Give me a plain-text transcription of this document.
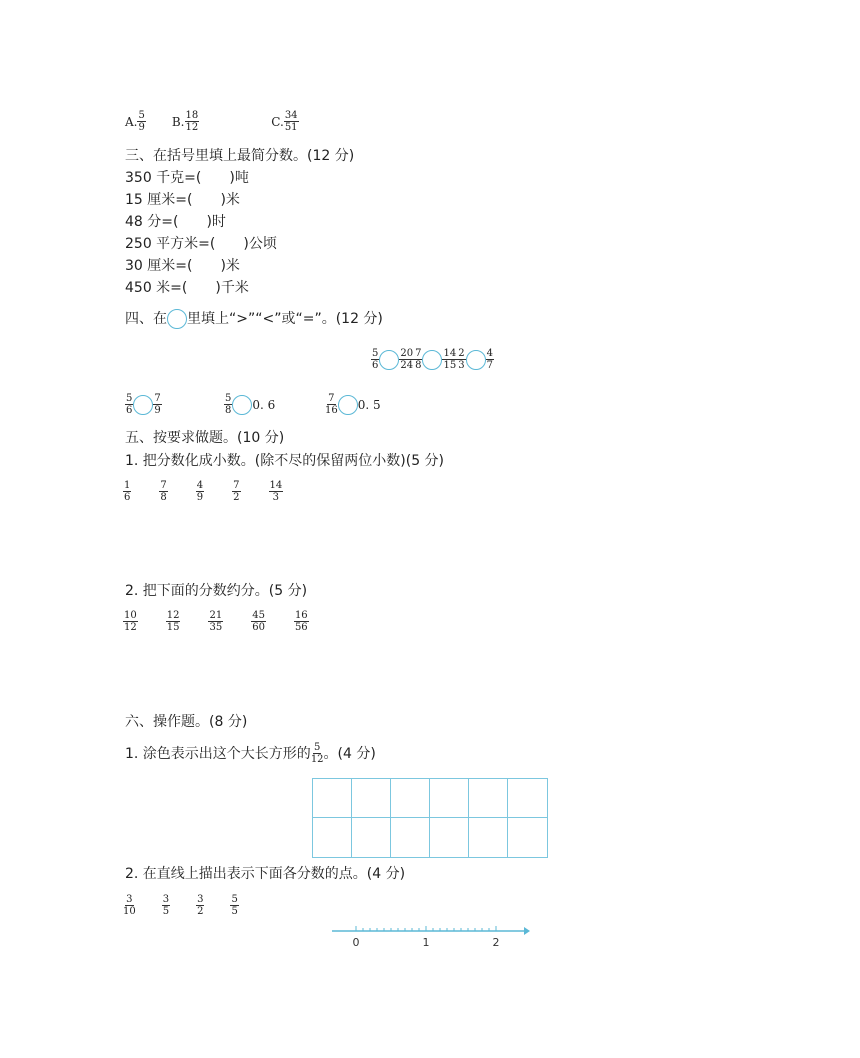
A. $\frac{5}{9} B$. $\frac{18}{12}$	C. $\frac{34}{51}$
三、在括号里填上最简分数。(12 分)
350 千克=(　　)吨
15 厘米=(　　)米
48 分=(　　)时
250 平方米=(　　)公顷
30 厘米=(　　)米
450 米=(　　)千米
四、在 里填上“>”“<”或“=”。(12 分)
$\frac{5}{6} \frac{20}{24} \frac{7}{8} \frac{14}{15} \frac{2}{3} \frac{4}{7}$
$\frac{5}{6} \frac{7}{9}$	$\frac{5}{8} 0$. 6	$\frac{7}{16} 0$. 5
五、按要求做题。(10 分)
1. 把分数化成小数。(除不尽的保留两位小数)(5 分)
$\frac{1}{6}$	$\frac{7}{8}$	$\frac{4}{9}$	$\frac{7}{2}$	$\frac{14}{3}$
2. 把下面的分数约分。(5 分)
$\frac{10}{12}$	$\frac{12}{15}$	$\frac{21}{35}$	$\frac{45}{60}$	$\frac{16}{56}$
六、操作题。(8 分)
1. 涂色表示出这个大长方形的 $\frac{5}{12}$ 。(4 分)
2. 在直线上描出表示下面各分数的点。(4 分)
$\frac{3}{10}$	$\frac{3}{5}$	$\frac{3}{2}$	$\frac{5}{5}$
0	1	2
